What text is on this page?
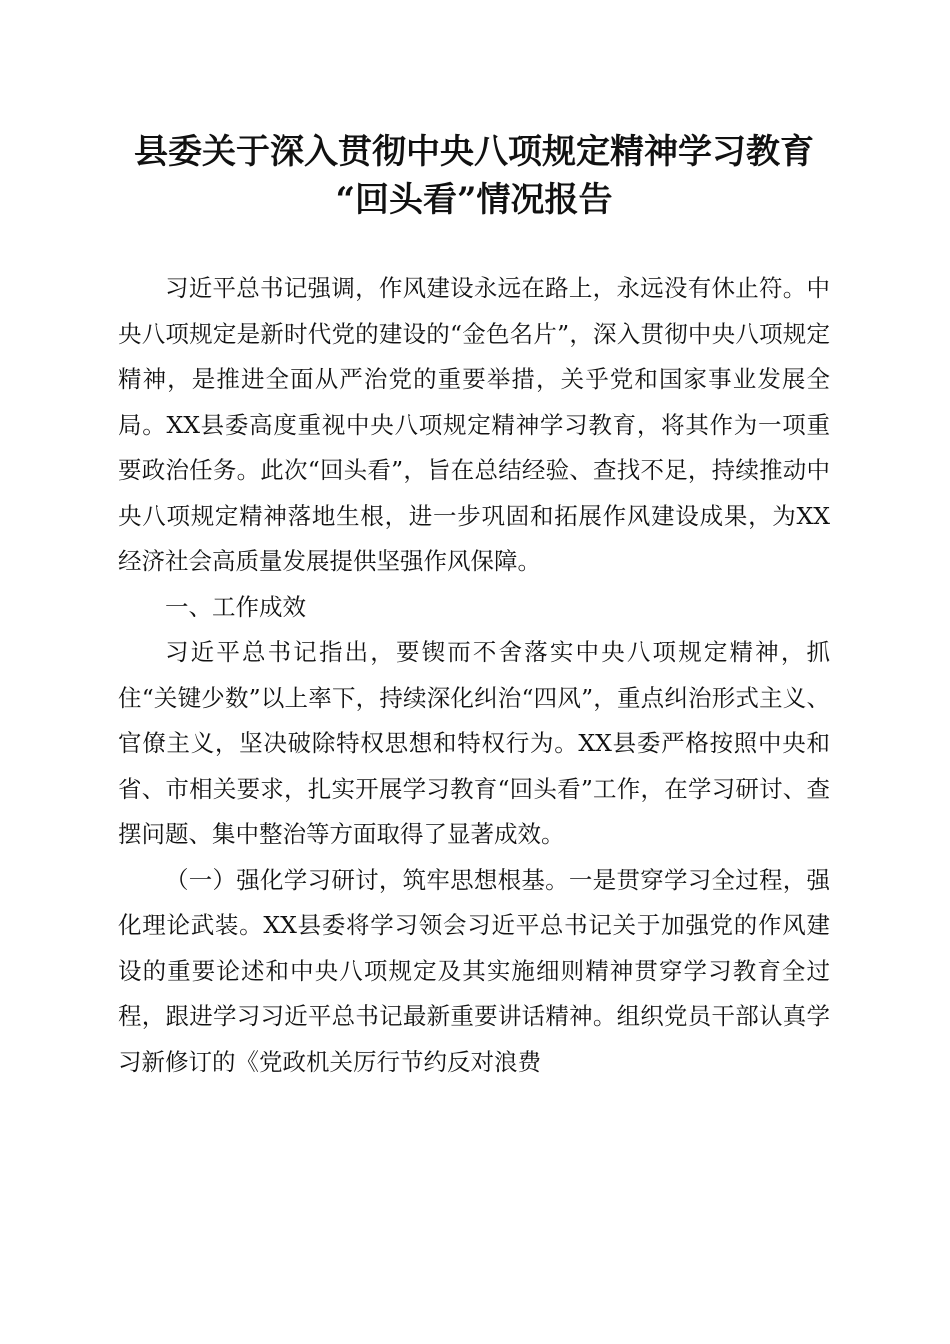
县委关于深入贯彻中央八项规定精神学习教育
“回头看”情况报告

习近平总书记强调，作风建设永远在路上，永远没有休止符。中央八项规定是新时代党的建设的“金色名片”，深入贯彻中央八项规定精神，是推进全面从严治党的重要举措，关乎党和国家事业发展全局。XX县委高度重视中央八项规定精神学习教育，将其作为一项重要政治任务。此次“回头看”，旨在总结经验、查找不足，持续推动中央八项规定精神落地生根，进一步巩固和拓展作风建设成果，为XX经济社会高质量发展提供坚强作风保障。

一、工作成效

习近平总书记指出，要锲而不舍落实中央八项规定精神，抓住“关键少数”以上率下，持续深化纠治“四风”，重点纠治形式主义、官僚主义，坚决破除特权思想和特权行为。XX县委严格按照中央和省、市相关要求，扎实开展学习教育“回头看”工作，在学习研讨、查摆问题、集中整治等方面取得了显著成效。

（一）强化学习研讨，筑牢思想根基。一是贯穿学习全过程，强化理论武装。XX县委将学习领会习近平总书记关于加强党的作风建设的重要论述和中央八项规定及其实施细则精神贯穿学习教育全过程，跟进学习习近平总书记最新重要讲话精神。组织党员干部认真学习新修订的《党政机关厉行节约反对浪费
